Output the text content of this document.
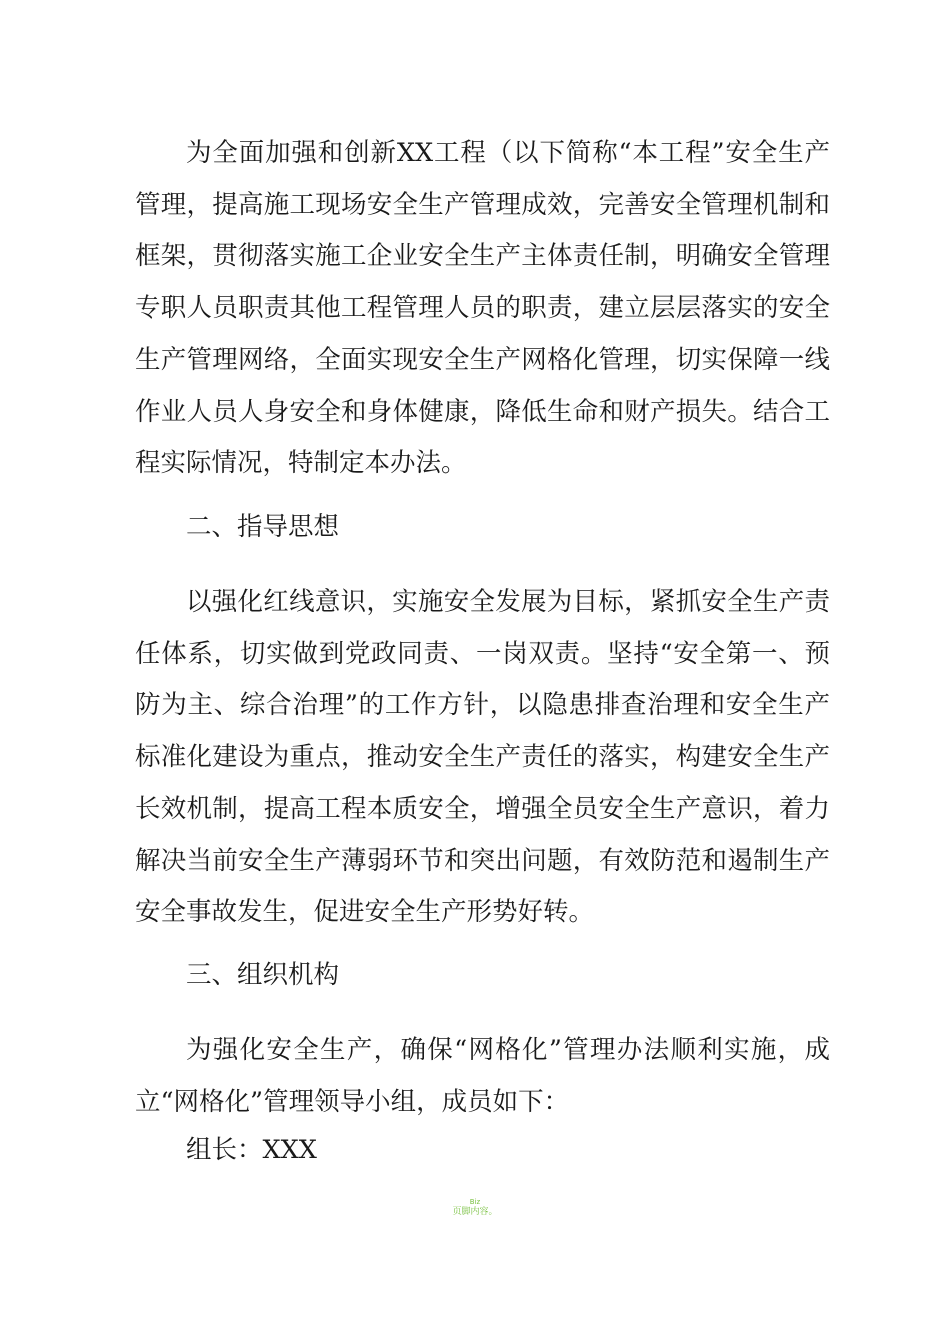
为全面加强和创新XX工程（以下简称“本工程”安全生产管理，提高施工现场安全生产管理成效，完善安全管理机制和框架，贯彻落实施工企业安全生产主体责任制，明确安全管理专职人员职责其他工程管理人员的职责，建立层层落实的安全生产管理网络，全面实现安全生产网格化管理，切实保障一线作业人员人身安全和身体健康，降低生命和财产损失。结合工程实际情况，特制定本办法。

二、指导思想

以强化红线意识，实施安全发展为目标，紧抓安全生产责任体系，切实做到党政同责、一岗双责。坚持“安全第一、预防为主、综合治理”的工作方针，以隐患排查治理和安全生产标准化建设为重点，推动安全生产责任的落实，构建安全生产长效机制，提高工程本质安全，增强全员安全生产意识，着力解决当前安全生产薄弱环节和突出问题，有效防范和遏制生产安全事故发生，促进安全生产形势好转。

三、组织机构

为强化安全生产，确保“网格化”管理办法顺利实施，成立“网格化”管理领导小组，成员如下：

组长：XXX

Biz
页脚内容。
